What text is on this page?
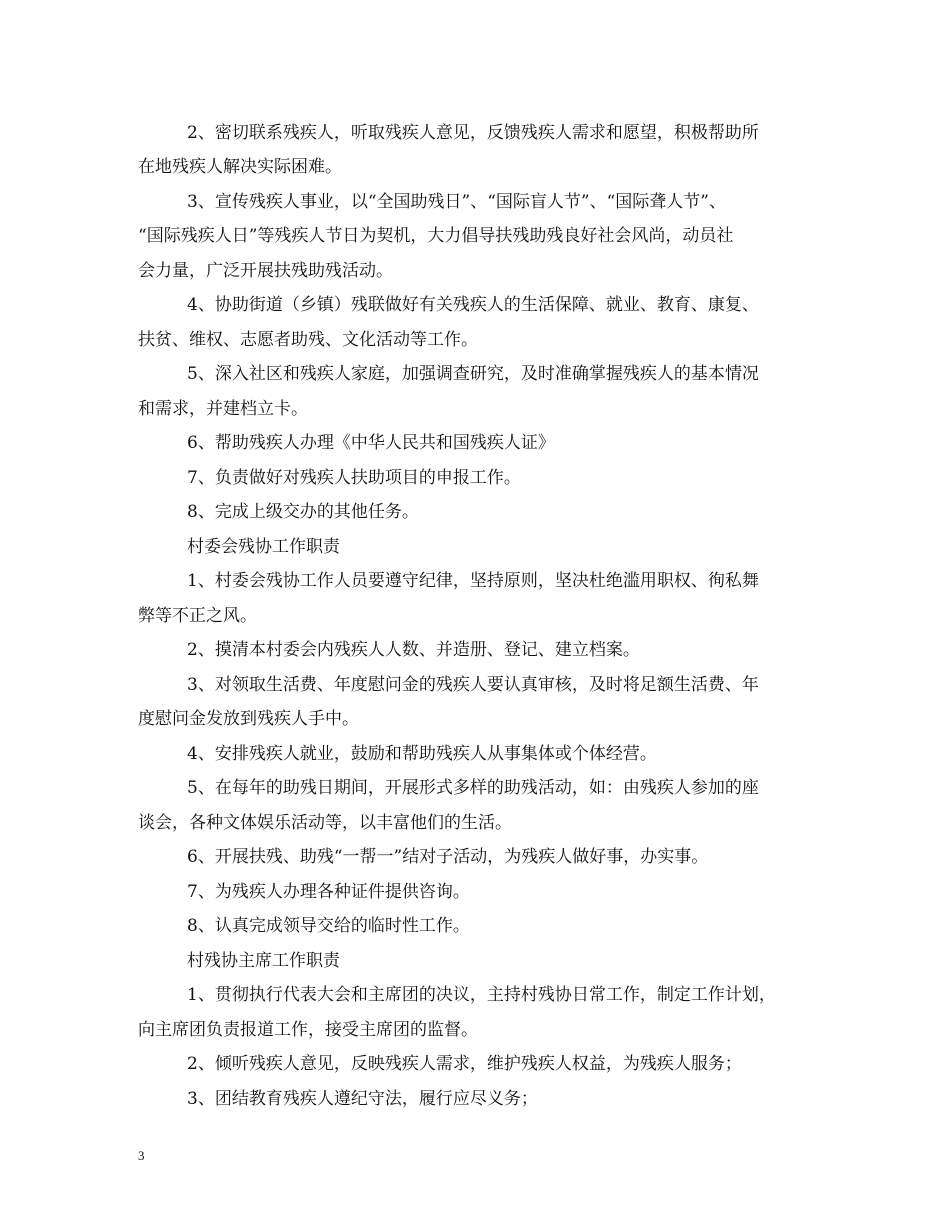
2、密切联系残疾人，听取残疾人意见，反馈残疾人需求和愿望，积极帮助所
在地残疾人解决实际困难。
3、宣传残疾人事业，以“全国助残日”、“国际盲人节”、“国际聋人节”、
“国际残疾人日”等残疾人节日为契机，大力倡导扶残助残良好社会风尚，动员社
会力量，广泛开展扶残助残活动。
4、协助街道（乡镇）残联做好有关残疾人的生活保障、就业、教育、康复、
扶贫、维权、志愿者助残、文化活动等工作。
5、深入社区和残疾人家庭，加强调查研究，及时准确掌握残疾人的基本情况
和需求，并建档立卡。
6、帮助残疾人办理《中华人民共和国残疾人证》
7、负责做好对残疾人扶助项目的申报工作。
8、完成上级交办的其他任务。
村委会残协工作职责
1、村委会残协工作人员要遵守纪律，坚持原则，坚决杜绝滥用职权、徇私舞
弊等不正之风。
2、摸清本村委会内残疾人人数、并造册、登记、建立档案。
3、对领取生活费、年度慰问金的残疾人要认真审核，及时将足额生活费、年
度慰问金发放到残疾人手中。
4、安排残疾人就业，鼓励和帮助残疾人从事集体或个体经营。
5、在每年的助残日期间，开展形式多样的助残活动，如：由残疾人参加的座
谈会，各种文体娱乐活动等，以丰富他们的生活。
6、开展扶残、助残“一帮一”结对子活动，为残疾人做好事，办实事。
7、为残疾人办理各种证件提供咨询。
8、认真完成领导交给的临时性工作。
村残协主席工作职责
1、贯彻执行代表大会和主席团的决议，主持村残协日常工作，制定工作计划，
向主席团负责报道工作，接受主席团的监督。
2、倾听残疾人意见，反映残疾人需求，维护残疾人权益，为残疾人服务；
3、团结教育残疾人遵纪守法，履行应尽义务；
3
